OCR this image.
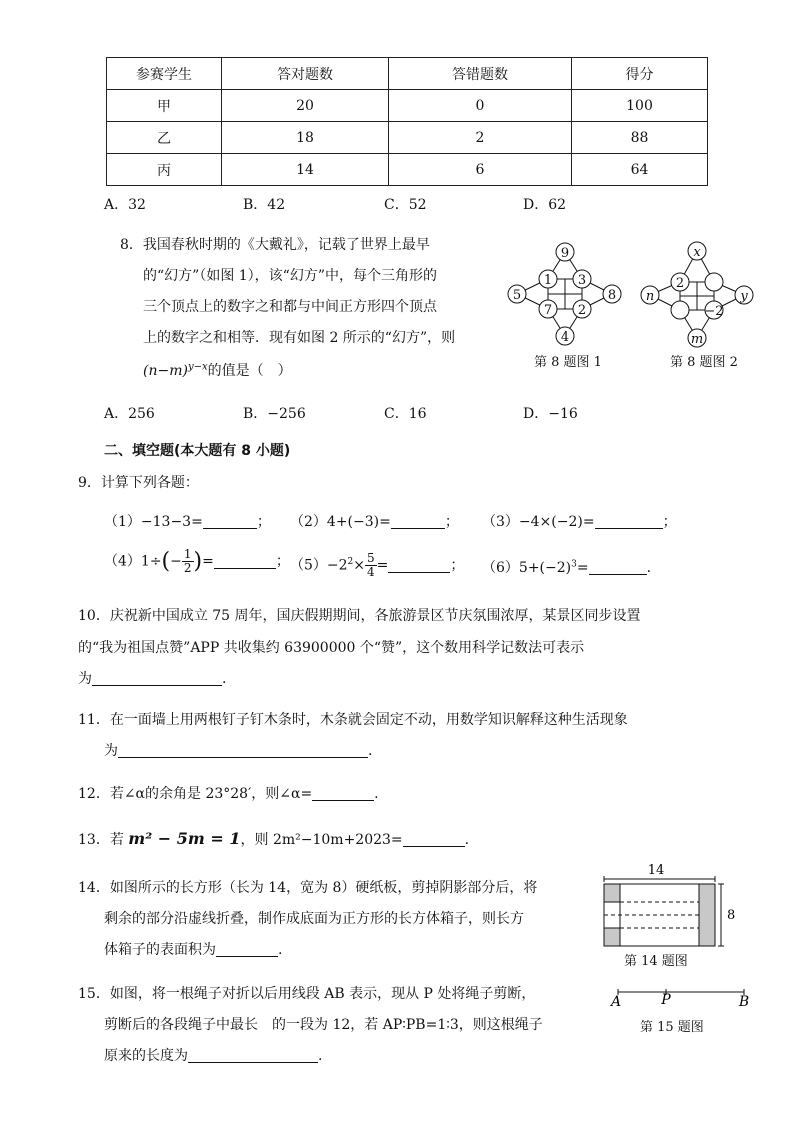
参赛学生	答对题数	答错题数	得分
甲	20	0	100
乙	18	2	88
丙	14	6	64
A．32	B．42	C．52	D．62
8．我国春秋时期的《大戴礼》，记载了世界上最早
的“幻方”（如图 1），该“幻方”中，每个三角形的
三个顶点上的数字之和都与中间正方形四个顶点
上的数字之和相等．现有如图 2 所示的“幻方”，则
$(n-m)^{y-x}$的值是（　）
9
1 3
5	8
7 2
4
第 8 题图 1
x
2
n	y
−2
m
第 8 题图 2
A．256	B．−256	C．16	D．−16
二、填空题(本大题有 8 小题)
9．计算下列各题：
（1）−13−3=	； （2）4+(−3)=	； （3）−4×(−2)=	；
$(4)1\div(- \frac{1}{2}$ )=	； $(5)-2^2\times \frac{5}{4}$ =	； $(6)5+(-2)^3=$	.
10．庆祝新中国成立 75 周年，国庆假期期间，各旅游景区节庆氛围浓厚，某景区同步设置
的“我为祖国点赞”APP 共收集约 63900000 个“赞”，这个数用科学记数法可表示
为	.
11．在一面墙上用两根钉子钉木条时，木条就会固定不动，用数学知识解释这种生活现象
为	.
12．若∠α的余角是 23°28′，则∠α=	.
13．若 m² − 5m = 1，则 2m²−10m+2023=	.
14．如图所示的长方形（长为 14，宽为 8）硬纸板，剪掉阴影部分后，将
剩余的部分沿虚线折叠，制作成底面为正方形的长方体箱子，则长方
体箱子的表面积为	.
14
8
第 14 题图
15．如图，将一根绳子对折以后用线段 AB 表示，现从 P 处将绳子剪断，
剪断后的各段绳子中最长　的一段为 12，若 AP∶PB=1∶3，则这根绳子
原来的长度为	.
A	P	B
第 15 题图
